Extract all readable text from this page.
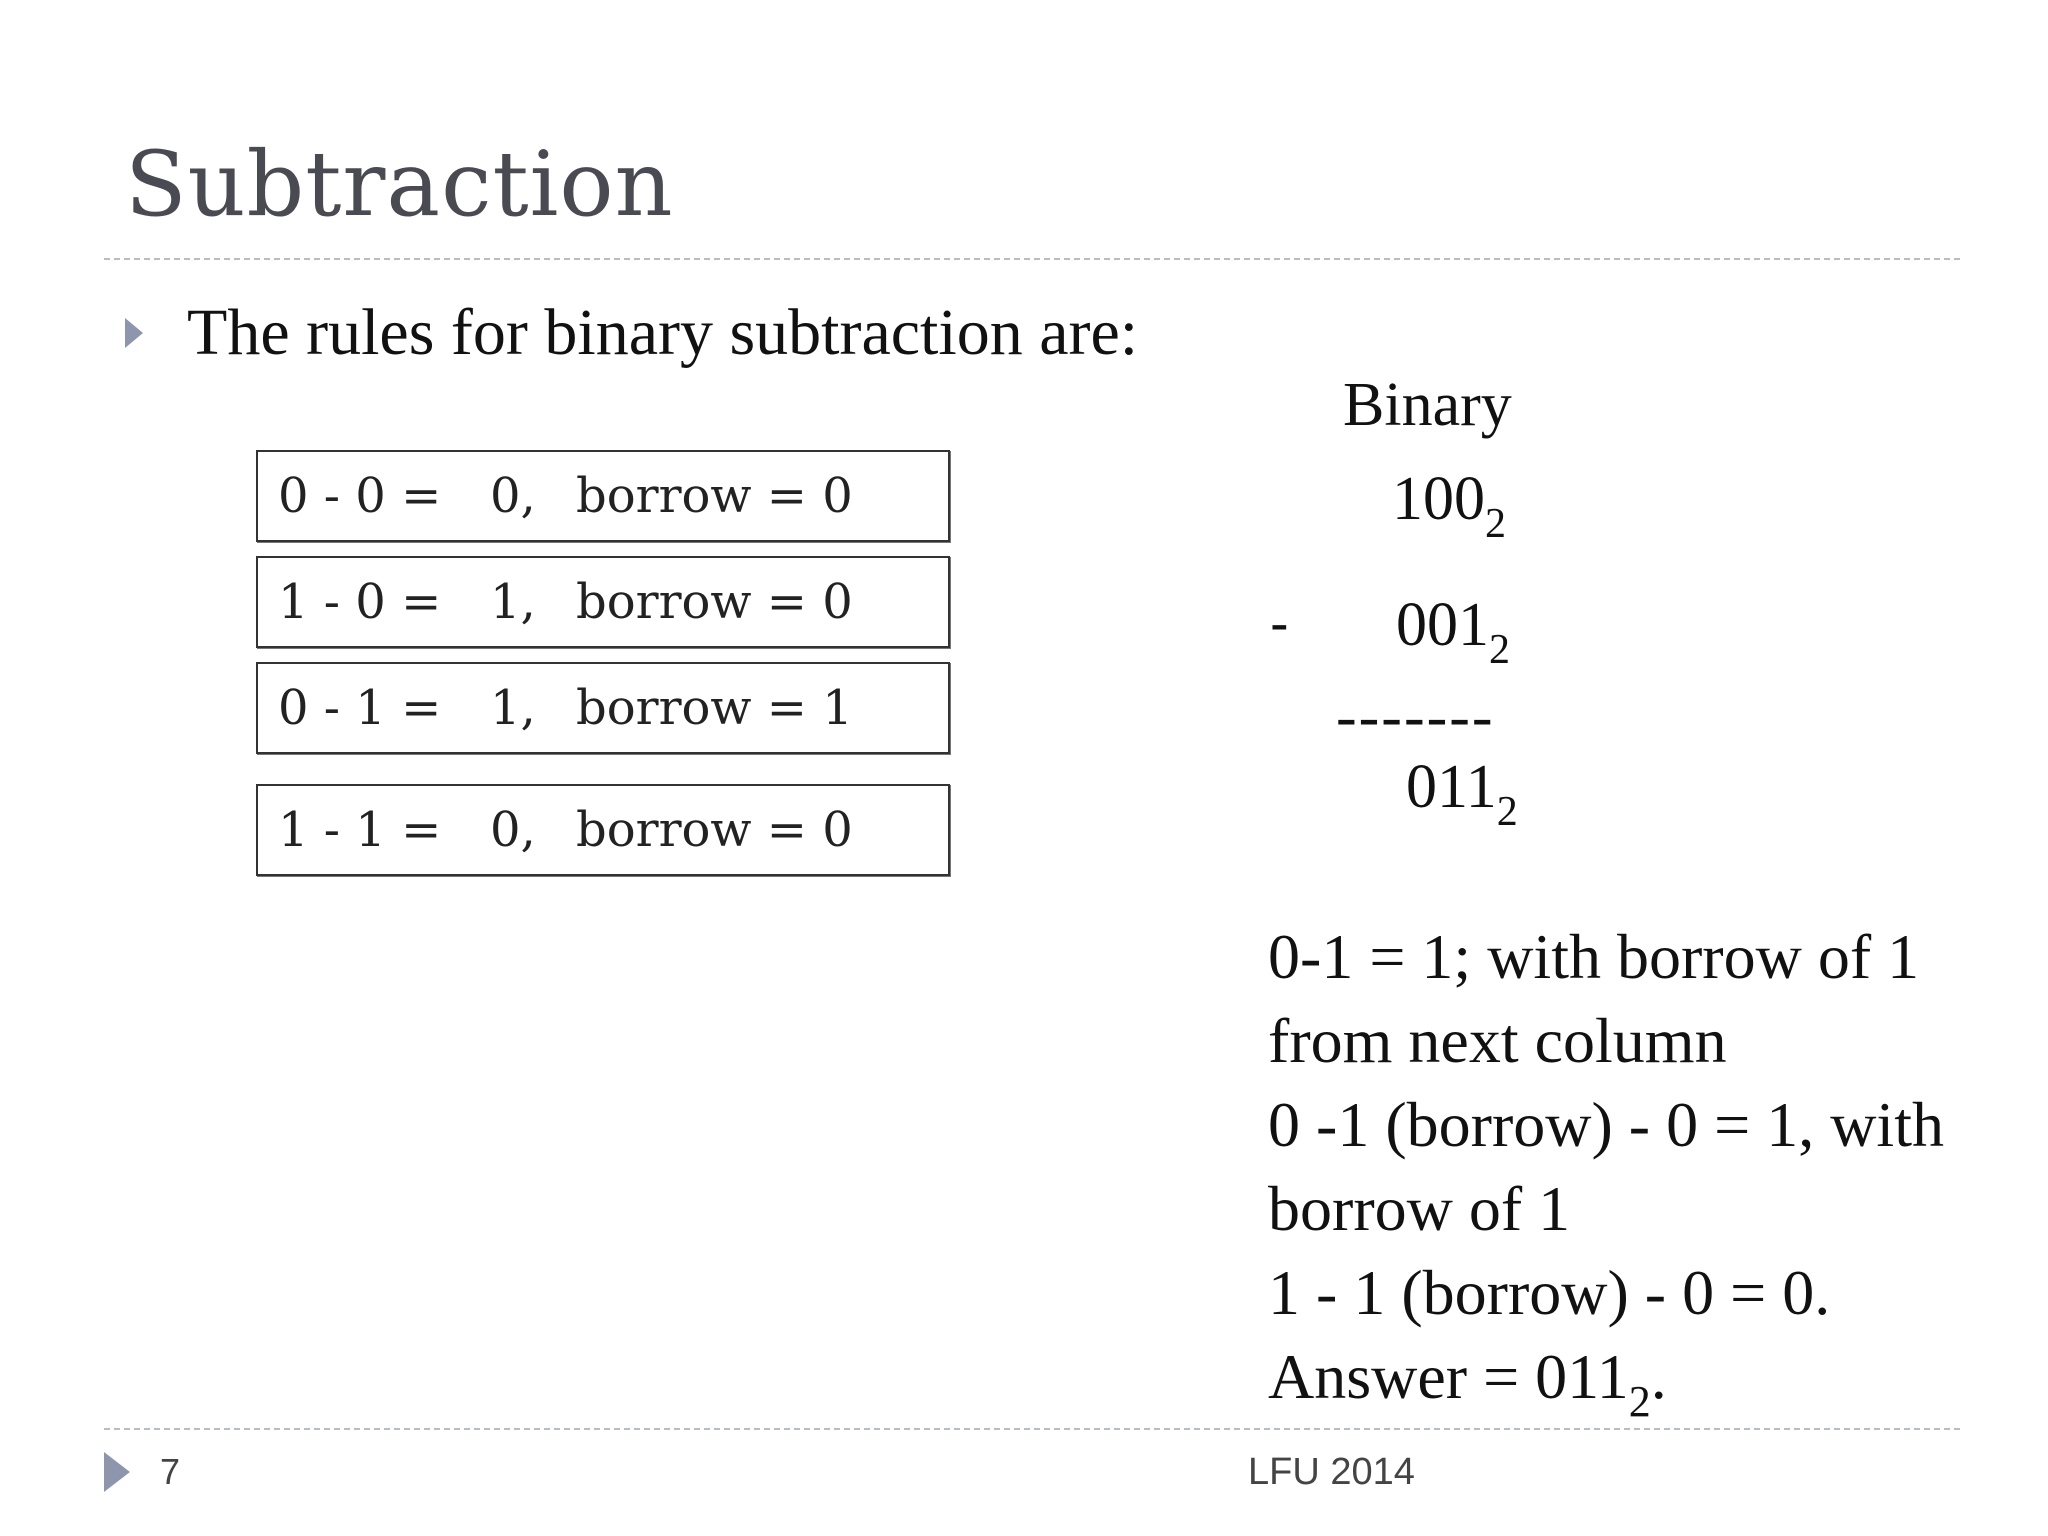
Subtraction
The rules for binary subtraction are:
0 - 0 = 0, borrow = 0
1 - 0 = 1, borrow = 0
0 - 1 = 1, borrow = 1
1 - 1 = 0, borrow = 0
Binary
$100_2$
- $001_2$
-------
$011_2$
0-1 = 1; with borrow of 1
from next column
0 -1 (borrow) - 0 = 1, with
borrow of 1
1 - 1 (borrow) - 0 = 0.
Answer = $011_2$.
7	LFU 2014
